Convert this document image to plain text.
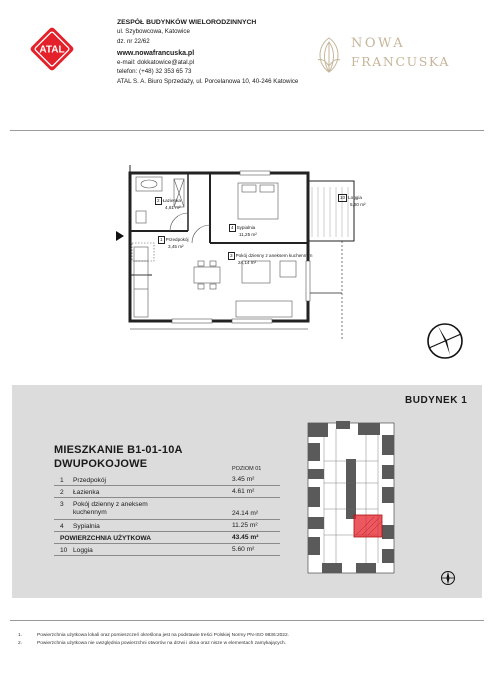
ATAL
ZESPÓŁ BUDYNKÓW WIELORODZINNYCH
ul. Szybowcowa, Katowice
dz. nr 22/62
www.nowafrancuska.pl
e-mail: dokkatowice@atal.pl
telefon: (+48) 32 353 65 73
ATAL S. A. Biuro Sprzedaży, ul. Porcelanowa 10, 40-246 Katowice
NOWA
FRANCUSKA
2 Łazienka
4,61 m²
4 Sypialnia
11,25 m²
10 Loggia
5,60 m²
1 Przedpokój
3,45 m²
3 Pokój dzienny z aneksem kuchennym
24,14 m²
BUDYNEK 1
MIESZKANIE B1-01-10A
DWUPOKOJOWE	POZIOM 01
1 Przedpokój	3.45 m²
2 Łazienka	4.61 m²
3 Pokój dzienny z aneksem kuchennym	24.14 m²
4 Sypialnia	11.25 m²
POWIERZCHNIA UŻYTKOWA	43.45 m²
10 Loggia	5.60 m²
1.	Powierzchnia użytkowa lokali oraz pomieszczeń określona jest na podstawie treści Polskiej Normy PN-ISO 9836:2022.
2.	Powierzchnia użytkowa nie uwzględnia powierzchni otworów na drzwi i okna oraz nisze w elementach zamykających.
